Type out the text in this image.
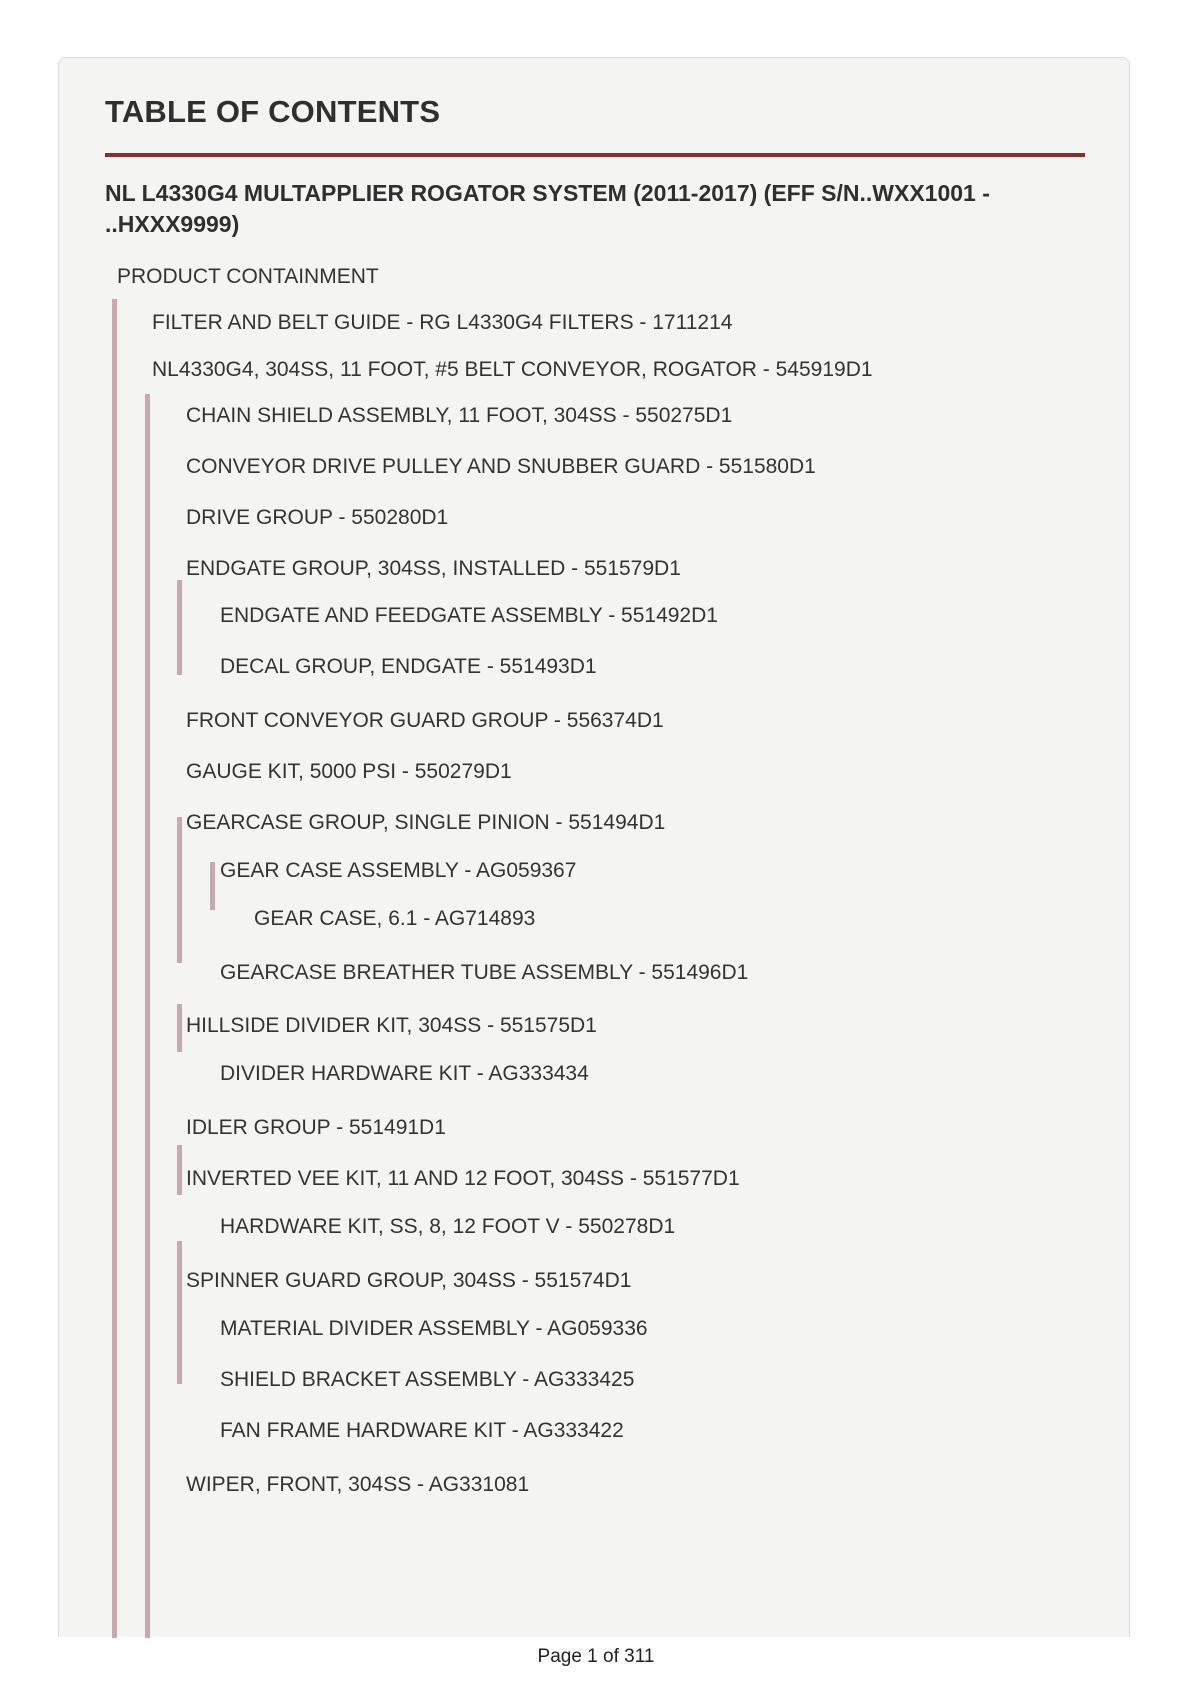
TABLE OF CONTENTS
NL L4330G4 MULTAPPLIER ROGATOR SYSTEM (2011-2017) (EFF S/N..WXX1001 - ..HXXX9999)
PRODUCT CONTAINMENT
FILTER AND BELT GUIDE - RG L4330G4 FILTERS - 1711214
NL4330G4, 304SS, 11 FOOT, #5 BELT CONVEYOR, ROGATOR - 545919D1
CHAIN SHIELD ASSEMBLY, 11 FOOT, 304SS - 550275D1
CONVEYOR DRIVE PULLEY AND SNUBBER GUARD - 551580D1
DRIVE GROUP - 550280D1
ENDGATE GROUP, 304SS, INSTALLED - 551579D1
ENDGATE AND FEEDGATE ASSEMBLY - 551492D1
DECAL GROUP, ENDGATE - 551493D1
FRONT CONVEYOR GUARD GROUP - 556374D1
GAUGE KIT, 5000 PSI - 550279D1
GEARCASE GROUP, SINGLE PINION - 551494D1
GEAR CASE ASSEMBLY - AG059367
GEAR CASE, 6.1 - AG714893
GEARCASE BREATHER TUBE ASSEMBLY - 551496D1
HILLSIDE DIVIDER KIT, 304SS - 551575D1
DIVIDER HARDWARE KIT - AG333434
IDLER GROUP - 551491D1
INVERTED VEE KIT, 11 AND 12 FOOT, 304SS - 551577D1
HARDWARE KIT, SS, 8, 12 FOOT V - 550278D1
SPINNER GUARD GROUP, 304SS - 551574D1
MATERIAL DIVIDER ASSEMBLY - AG059336
SHIELD BRACKET ASSEMBLY - AG333425
FAN FRAME HARDWARE KIT - AG333422
WIPER, FRONT, 304SS - AG331081
Page 1 of 311
